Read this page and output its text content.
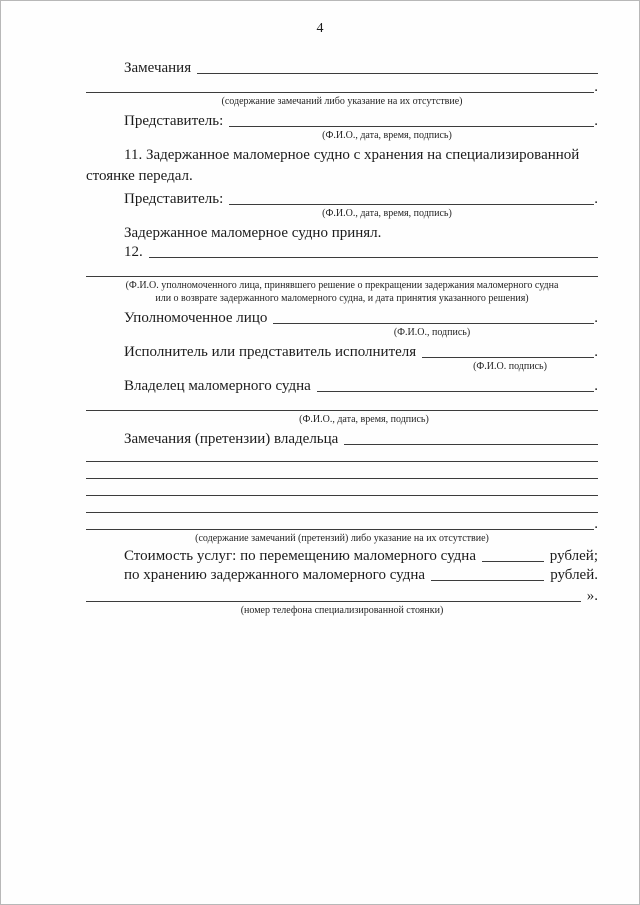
4
Замечания
.
(содержание замечаний либо указание на их отсутствие)
Представитель:	.
(Ф.И.О., дата, время, подпись)
11. Задержанное маломерное судно с хранения на специализированной стоянке передал.
Представитель:	.
(Ф.И.О., дата, время, подпись)
Задержанное маломерное судно принял.
12.
(Ф.И.О. уполномоченного лица, принявшего решение о прекращении задержания маломерного судна
или о возврате задержанного маломерного судна, и дата принятия указанного решения)
Уполномоченное лицо	.
(Ф.И.О., подпись)
Исполнитель или представитель исполнителя	.
(Ф.И.О. подпись)
Владелец маломерного судна	.
(Ф.И.О., дата, время, подпись)
Замечания (претензии) владельца
.
(содержание замечаний (претензий) либо указание на их отсутствие)
Стоимость услуг: по перемещению маломерного судна	рублей;
по хранению задержанного маломерного судна	рублей.
».
(номер телефона специализированной стоянки)
